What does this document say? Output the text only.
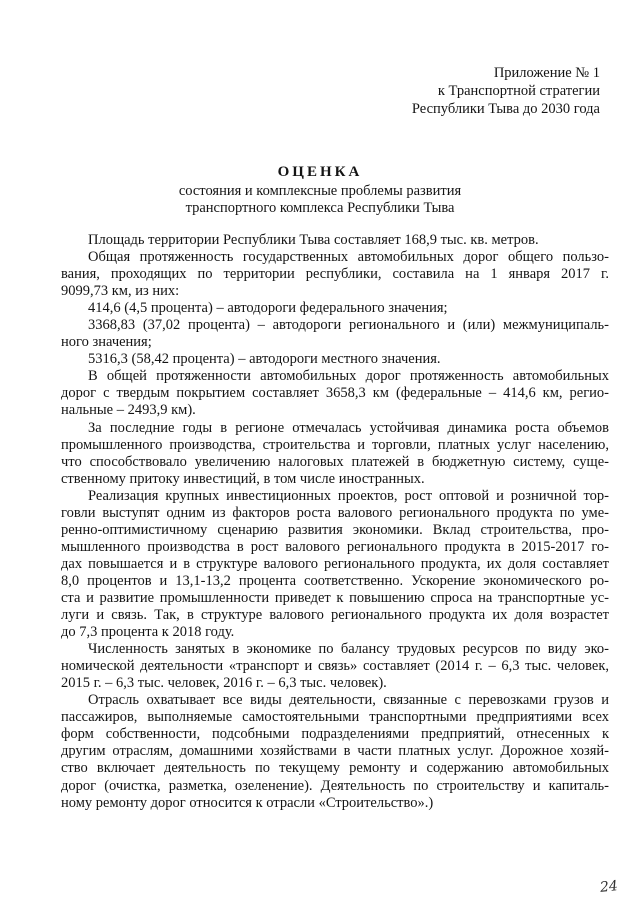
Приложение № 1
к Транспортной стратегии
Республики Тыва до 2030 года
ОЦЕНКА
состояния и комплексные проблемы развития
транспортного комплекса Республики Тыва
Площадь территории Республики Тыва составляет 168,9 тыс. кв. метров.
Общая протяженность государственных автомобильных дорог общего пользо-
вания, проходящих по территории республики, составила на 1 января 2017 г.
9099,73 км, из них:
414,6 (4,5 процента) – автодороги федерального значения;
3368,83 (37,02 процента) – автодороги регионального и (или) межмуниципаль-
ного значения;
5316,3 (58,42 процента) – автодороги местного значения.
В общей протяженности автомобильных дорог протяженность автомобильных
дорог с твердым покрытием составляет 3658,3 км (федеральные – 414,6 км, регио-
нальные – 2493,9 км).
За последние годы в регионе отмечалась устойчивая динамика роста объемов
промышленного производства, строительства и торговли, платных услуг населению,
что способствовало увеличению налоговых платежей в бюджетную систему, суще-
ственному притоку инвестиций, в том числе иностранных.
Реализация крупных инвестиционных проектов, рост оптовой и розничной тор-
говли выступят одним из факторов роста валового регионального продукта по уме-
ренно-оптимистичному сценарию развития экономики. Вклад строительства, про-
мышленного производства в рост валового регионального продукта в 2015-2017 го-
дах повышается и в структуре валового регионального продукта, их доля составляет
8,0 процентов и 13,1-13,2 процента соответственно. Ускорение экономического ро-
ста и развитие промышленности приведет к повышению спроса на транспортные ус-
луги и связь. Так, в структуре валового регионального продукта их доля возрастет
до 7,3 процента к 2018 году.
Численность занятых в экономике по балансу трудовых ресурсов по виду эко-
номической деятельности «транспорт и связь» составляет (2014 г. – 6,3 тыс. человек,
2015 г. – 6,3 тыс. человек, 2016 г. – 6,3 тыс. человек).
Отрасль охватывает все виды деятельности, связанные с перевозками грузов и
пассажиров, выполняемые самостоятельными транспортными предприятиями всех
форм собственности, подсобными подразделениями предприятий, отнесенных к
другим отраслям, домашними хозяйствами в части платных услуг. Дорожное хозяй-
ство включает деятельность по текущему ремонту и содержанию автомобильных
дорог (очистка, разметка, озеленение). Деятельность по строительству и капиталь-
ному ремонту дорог относится к отрасли «Строительство».)
24
